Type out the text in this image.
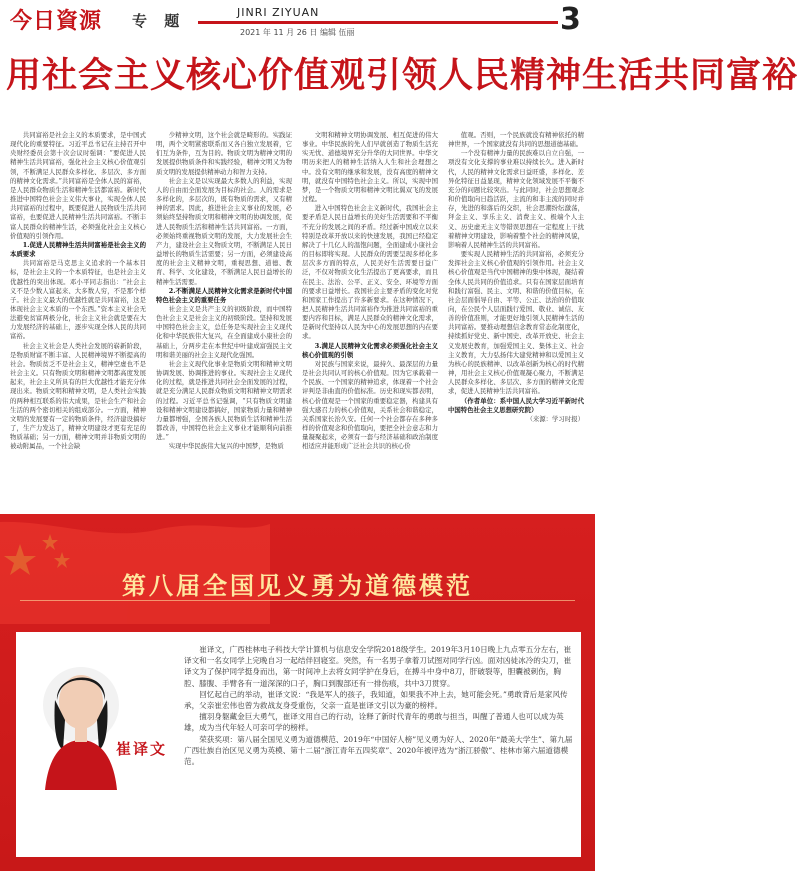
今日資源 专 题	JINRI ZIYUAN
2021 年 11 月 26 日 编辑 伍丽	3
用社会主义核心价值观引领人民精神生活共同富裕

共同富裕是社会主义的本质要求，是中国式现代化的重要特征。习近平总书记在主持召开中央财经委员会第十次会议时强调：“要促进人民精神生活共同富裕，强化社会主义核心价值观引领，不断满足人民群众多样化、多层次、多方面的精神文化需求。”共同富裕是全体人民的富裕，是人民群众物质生活和精神生活都富裕。新时代推进中国特色社会主义伟大事业，实现全体人民共同富裕的过程中，既要促进人民物质生活共同富裕，也要促进人民精神生活共同富裕。不断丰富人民群众的精神生活，必须强化社会主义核心价值观的引领作用。

1.促进人民精神生活共同富裕是社会主义的本质要求

共同富裕是马克思主义追求的一个基本目标，是社会主义的一个本质特征，也是社会主义优越性的突出体现。邓小平同志指出：“社会主义不是少数人富起来、大多数人穷，不是那个样子。社会主义最大的优越性就是共同富裕，这是体现社会主义本质的一个东西。”资本主义社会无法避免贫富两极分化，社会主义社会就是要在大力发展经济的基础上，逐步实现全体人民的共同富裕。

社会主义社会是人类社会发展的崭新阶段，是物质财富不断丰富、人民精神境界不断提高的社会。物质贫乏不是社会主义，精神空虚也不是社会主义。只有物质文明和精神文明都高度发展起来，社会主义所具有的巨大优越性才能充分体现出来。物质文明和精神文明，是人类社会实践的两种相互联系的伟大成果，是社会生产和社会生活的两个密切相关的组成部分。一方面，精神文明的发展要有一定的物质条件，经济建设搞好了，生产力发达了，精神文明建设才更有充足的物质基础；另一方面，精神文明并非物质文明的被动附属品，一个社会缺

少精神文明，这个社会就是畸形的。实践证明，两个文明紧密联系而又各自独立发展着，它们互为条件，互为目的。物质文明为精神文明的发展提供物质条件和实践经验，精神文明又为物质文明的发展提供精神动力和智力支持。

社会主义是以实现最大多数人的利益，实现人的自由而全面发展为目标的社会。人的需求是多样化的，多层次的，既有物质的需求，又有精神的需求。因此，推进社会主义事业的发展，必须始终坚持物质文明和精神文明的协调发展，促进人民物质生活和精神生活共同富裕。一方面，必须始终重视物质文明的发展，大力发展社会生产力，建设社会主义物质文明，不断满足人民日益增长的物质生活需要；另一方面，必须建设高度的社会主义精神文明，重视思想、道德、教育、科学、文化建设，不断满足人民日益增长的精神生活需要。

2.不断满足人民精神文化需求是新时代中国特色社会主义的重要任务

社会主义是共产主义的初级阶段，而中国特色社会主义是社会主义的初级阶段。坚持和发展中国特色社会主义，总任务是实现社会主义现代化和中华民族伟大复兴，在全面建成小康社会的基础上，分两步走在本世纪中叶建成富强民主文明和谐美丽的社会主义现代化强国。

社会主义现代化事业是物质文明和精神文明协调发展、协调推进的事业。实现社会主义现代化的过程，就是推进共同社会全面发展的过程，就是充分满足人民群众物质文明和精神文明需求的过程。习近平总书记强调，“只有物质文明建设和精神文明建设都搞好，国家物质力量和精神力量都增强，全国各族人民物质生活和精神生活都改善，中国特色社会主义事业才能顺利向前推进。”

实现中华民族伟大复兴的中国梦，是物质

文明和精神文明协调发展、相互促进的伟大事业。中华民族的先人们早就创造了物质生活充实无忧、道德境界充分升华的大同世界。中华文明历来把人的精神生活纳入人生和社会理想之中。没有文明的继承和发展，没有高度的精神文明，就没有中国特色社会主义。所以，实现中国梦，是一个物质文明和精神文明比翼双飞的发展过程。

进入中国特色社会主义新时代，我国社会主要矛盾是人民日益增长的美好生活需要和不平衡不充分的发展之间的矛盾。经过新中国成立以来特别是改革开放以来的快速发展，我国已经稳定解决了十几亿人的温饱问题，全面建成小康社会的目标即将实现。人民群众的需要呈现多样化多层次多方面的特点，人民美好生活需要日益广泛，不仅对物质文化生活提出了更高要求，而且在民主、法治、公平、正义、安全、环境等方面的要求日益增长。我国社会主要矛盾的变化对党和国家工作提出了许多新要求。在这种情况下，把人民精神生活共同富裕作为推进共同富裕的重要内容和目标，满足人民群众的精神文化需求，是新时代坚持以人民为中心的发展思想的内在要求。

3.满足人民精神文化需求必须强化社会主义核心价值观的引领

对民族与国家来说，最持久、最深层的力量是社会共同认可的核心价值观。因为它承载着一个民族、一个国家的精神追求，体现着一个社会评判是非曲直的价值标准。历史和现实都表明，核心价值观是一个国家的重要稳定器，构建具有强大感召力的核心价值观，关系社会和谐稳定，关系国家长治久安。任何一个社会都存在多种多样的价值观念和价值取向，要把全社会意志和力量凝聚起来，必须有一套与经济基础和政治制度相适应并能形成广泛社会共识的核心价

值观。否则，一个民族就没有精神依托的精神世界，一个国家就没有共同的思想道德基础。

一个没有精神力量的民族难以自立自强，一项没有文化支撑的事业难以持续长久。进入新时代，人民的精神文化需求日益旺盛，多样化、差异化特征日益显现，精神文化领域发展不平衡不充分的问题比较突出。与此同时，社会思想观念和价值取向日趋活跃，主流的和非主流的同时并存，先进的和落后的交织，社会思潮纷纭激荡，拜金主义、享乐主义、消费主义、极端个人主义、历史虚无主义等错误思想在一定程度上干扰着精神文明建设，影响着整个社会的精神风貌，影响着人民精神生活的共同富裕。

要实现人民精神生活的共同富裕，必须充分发挥社会主义核心价值观的引领作用。社会主义核心价值观是当代中国精神的集中体现，凝结着全体人民共同的价值追求。只有在国家层面培育和践行富强、民主、文明、和谐的价值目标，在社会层面倡导自由、平等、公正、法治的价值取向，在公民个人层面践行爱国、敬业、诚信、友善的价值准则，才能更好地引领人民精神生活的共同富裕。要推动理想信念教育常态化制度化，持续抓好党史、新中国史、改革开放史、社会主义发展史教育，加强爱国主义、集体主义、社会主义教育，大力弘扬伟大建党精神和以爱国主义为核心的民族精神、以改革创新为核心的时代精神，用社会主义核心价值观凝心聚力，不断满足人民群众多样化、多层次、多方面的精神文化需求，促进人民精神生活共同富裕。

（作者单位：系中国人民大学习近平新时代中国特色社会主义思想研究院）

（来源：学习时报）

第八届全国见义勇为道德模范
崔译文

崔译文，广西桂林电子科技大学计算机与信息安全学院2018级学生。2019年3月10日晚上九点零五分左右，崔译文和一名女同学上完晚自习一起结伴回寝室。突然，有一名男子拿着刀试图对同学行凶。面对凶徒冰冷的尖刀，崔译文为了保护同学挺身而出，第一时间冲上去将女同学护在身后，在搏斗中身中8刀，肝破裂等，胆囊被刺伤，胸腔、膝腹、手臂各有一道深深的口子，胸口到腹部还有一排伤痕，共中3刀贯穿。

回忆起自己的举动，崔译文说：“我是军人的孩子，我知道，如果我不冲上去，她可能会死。”勇敢背后是家风传承，父亲崔宏伟也曾为救战友身受重伤，父亲一直是崔译文引以为豪的榜样。

擅羽身躯藏金巨大勇气，崔译文用自己的行动，诠释了新时代青年的勇敢与担当，叫醒了普通人也可以成为英雄，成为当代年轻人可亲可学的榜样。

荣获奖项：第八届全国见义勇为道德模范、2019年“中国好人榜”见义勇为好人、2020年“最美大学生”、第九届广西壮族自治区见义勇为英模、第十二届“浙江青年五四奖章”、2020年被评选为“浙江骄傲”、桂林市第六届道德模范。
